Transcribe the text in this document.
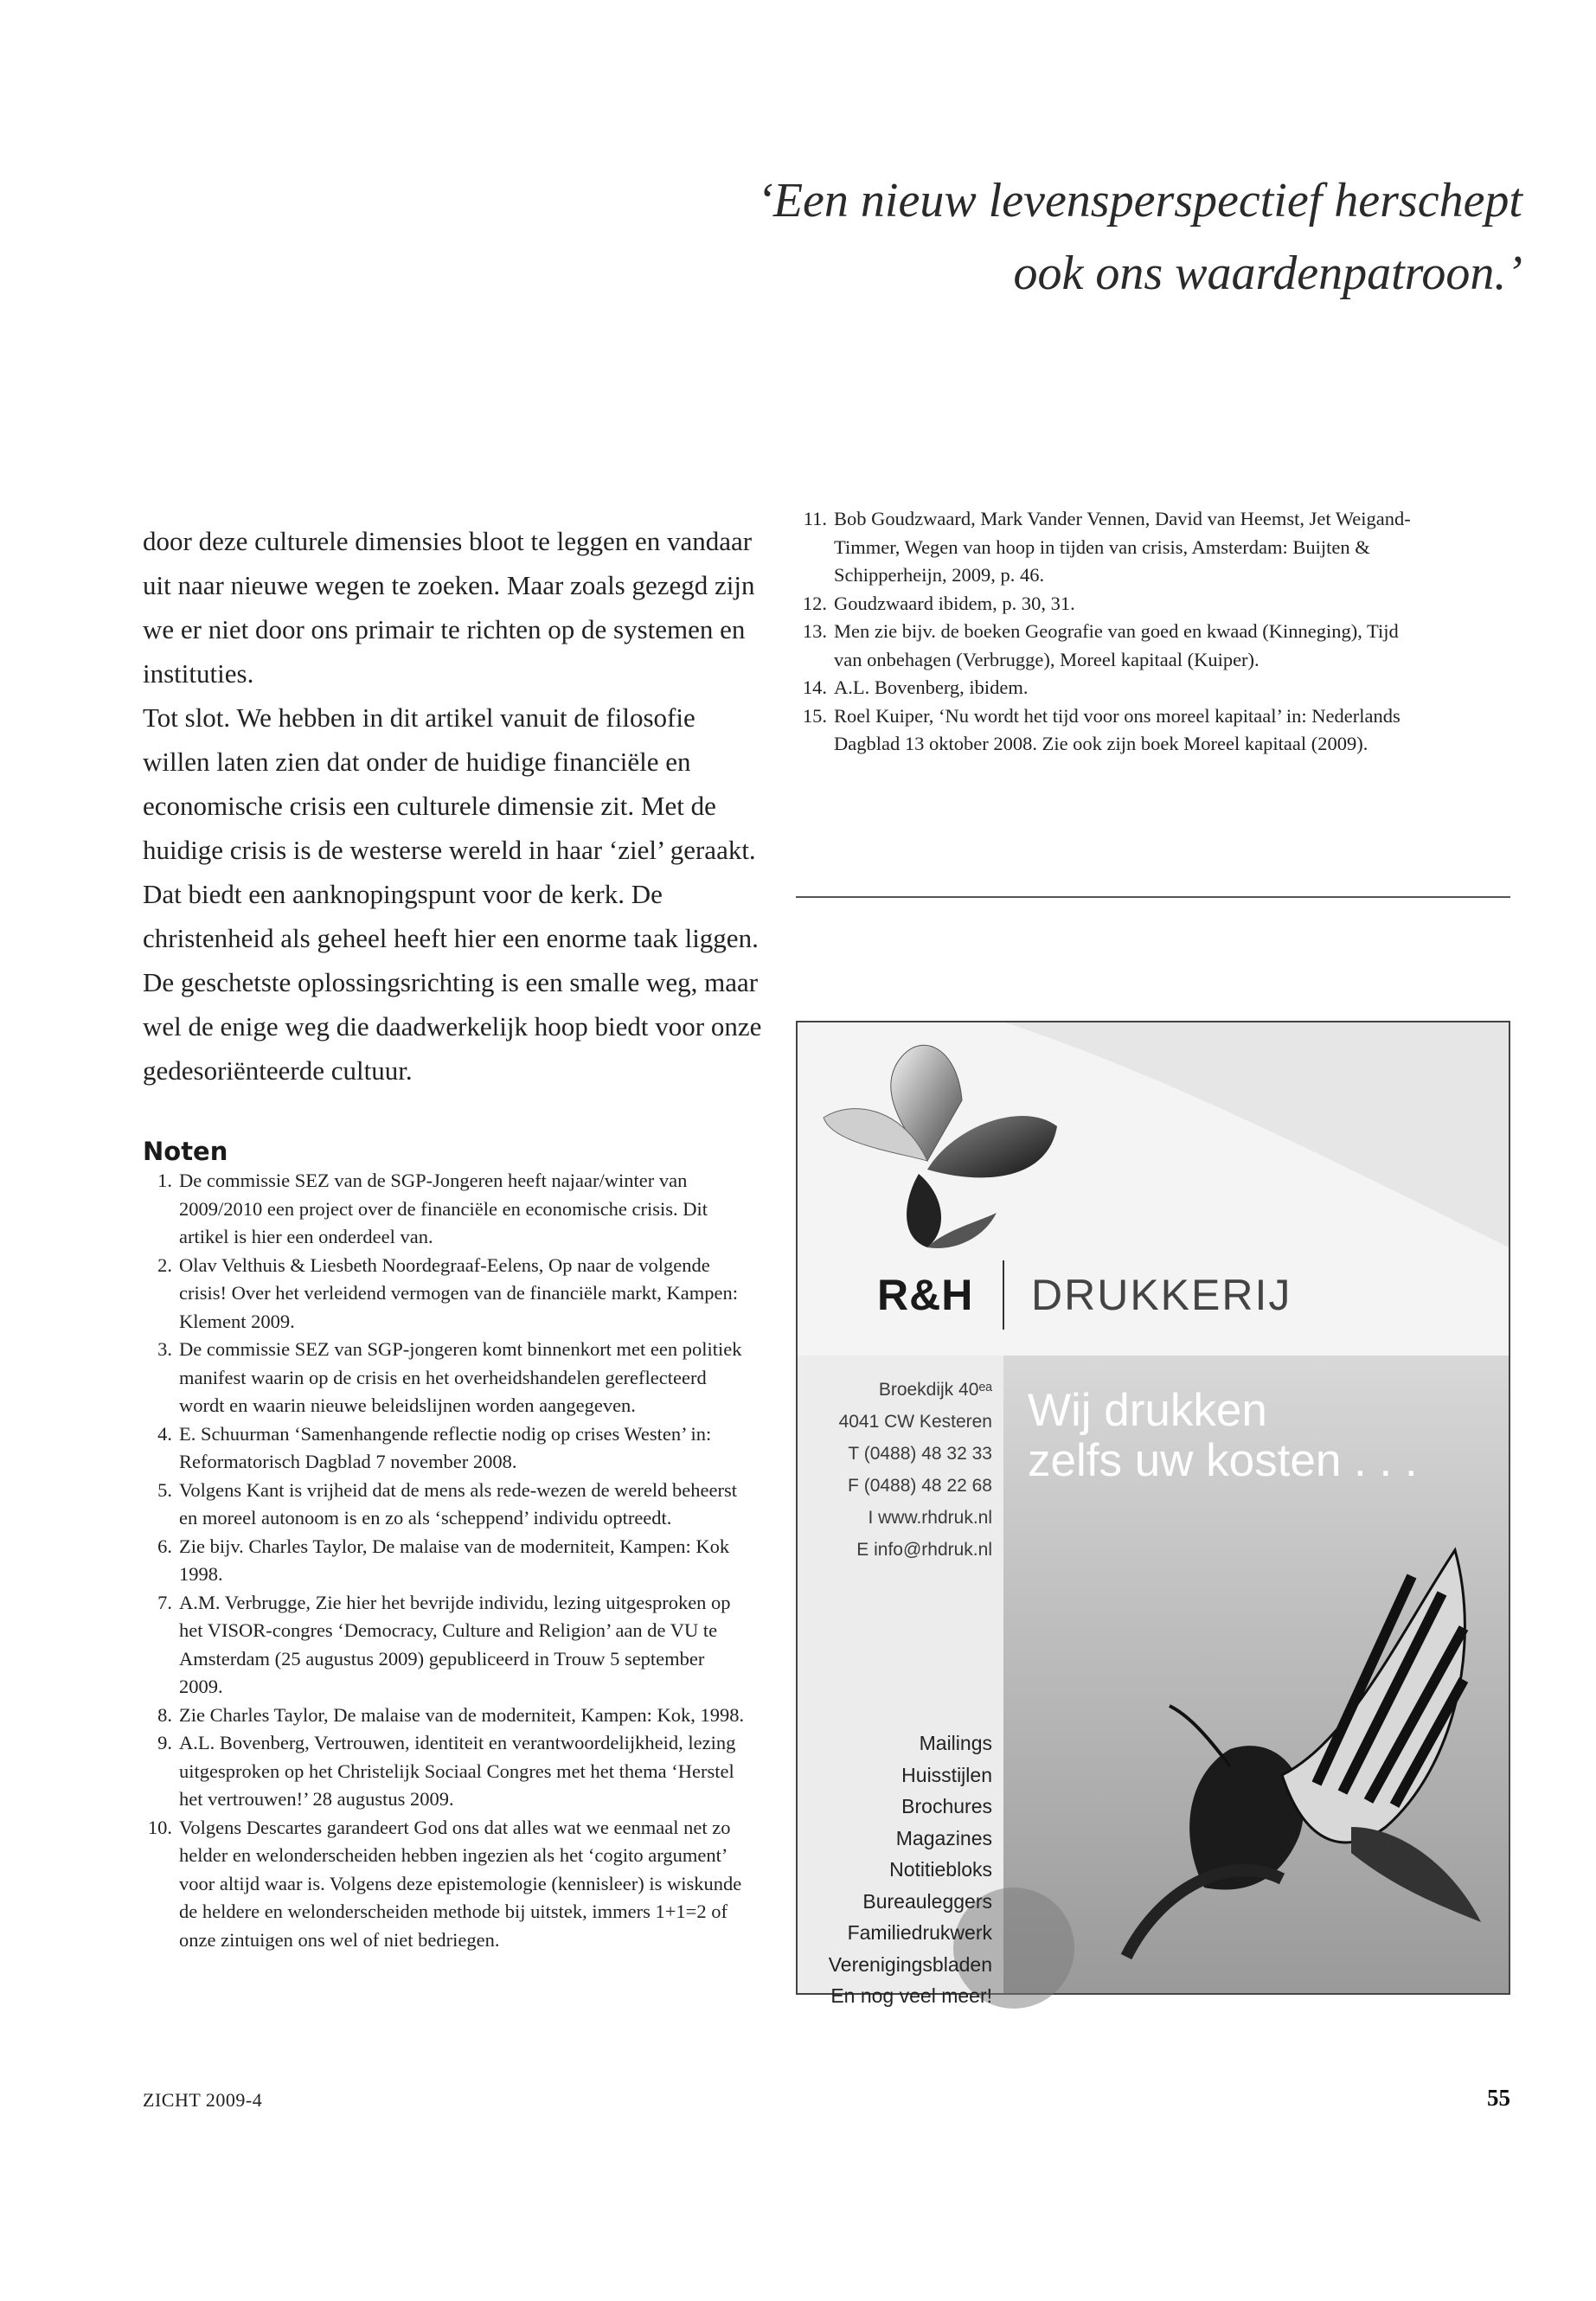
‘Een nieuw levensperspectief herschept
ook ons waardenpatroon.’

door deze culturele dimensies bloot te leggen en vandaar uit naar nieuwe wegen te zoeken. Maar zoals gezegd zijn we er niet door ons primair te richten op de systemen en instituties.

Tot slot. We hebben in dit artikel vanuit de filosofie willen laten zien dat onder de huidige financiële en economische crisis een culturele dimensie zit. Met de huidige crisis is de westerse wereld in haar ‘ziel’ geraakt. Dat biedt een aanknopingspunt voor de kerk. De christenheid als geheel heeft hier een enorme taak liggen. De geschetste oplossingsrichting is een smalle weg, maar wel de enige weg die daadwerkelijk hoop biedt voor onze gedesoriënteerde cultuur.

Noten
1. De commissie SEZ van de SGP-Jongeren heeft najaar/winter van 2009/2010 een project over de financiële en economische crisis. Dit artikel is hier een onderdeel van.
2. Olav Velthuis & Liesbeth Noordegraaf-Eelens, Op naar de volgende crisis! Over het verleidend vermogen van de financiële markt, Kampen: Klement 2009.
3. De commissie SEZ van SGP-jongeren komt binnenkort met een politiek manifest waarin op de crisis en het overheidshandelen gereflecteerd wordt en waarin nieuwe beleidslijnen worden aangegeven.
4. E. Schuurman ‘Samenhangende reflectie nodig op crises Westen’ in: Reformatorisch Dagblad 7 november 2008.
5. Volgens Kant is vrijheid dat de mens als rede-wezen de wereld beheerst en moreel autonoom is en zo als ‘scheppend’ individu optreedt.
6. Zie bijv. Charles Taylor, De malaise van de moderniteit, Kampen: Kok 1998.
7. A.M. Verbrugge, Zie hier het bevrijde individu, lezing uitgesproken op het VISOR-congres ‘Democracy, Culture and Religion’ aan de VU te Amsterdam (25 augustus 2009) gepubliceerd in Trouw 5 september 2009.
8. Zie Charles Taylor, De malaise van de moderniteit, Kampen: Kok, 1998.
9. A.L. Bovenberg, Vertrouwen, identiteit en verantwoordelijkheid, lezing uitgesproken op het Christelijk Sociaal Congres met het thema ‘Herstel het vertrouwen!’ 28 augustus 2009.
10. Volgens Descartes garandeert God ons dat alles wat we eenmaal net zo helder en welonderscheiden hebben ingezien als het ‘cogito argument’ voor altijd waar is. Volgens deze epistemologie (kennisleer) is wiskunde de heldere en welonderscheiden methode bij uitstek, immers 1+1=2 of onze zintuigen ons wel of niet bedriegen.
11. Bob Goudzwaard, Mark Vander Vennen, David van Heemst, Jet Weigand-Timmer, Wegen van hoop in tijden van crisis, Amsterdam: Buijten & Schipperheijn, 2009, p. 46.
12. Goudzwaard ibidem, p. 30, 31.
13. Men zie bijv. de boeken Geografie van goed en kwaad (Kinneging), Tijd van onbehagen (Verbrugge), Moreel kapitaal (Kuiper).
14. A.L. Bovenberg, ibidem.
15. Roel Kuiper, ‘Nu wordt het tijd voor ons moreel kapitaal’ in: Nederlands Dagblad 13 oktober 2008. Zie ook zijn boek Moreel kapitaal (2009).
R&H DRUKKERIJ
Broekdijk 40ᵉᵃ
4041 CW Kesteren
T (0488) 48 32 33
F (0488) 48 22 68
I www.rhdruk.nl
E info@rhdruk.nl
Wij drukken
zelfs uw kosten . . .
Mailings
Huisstijlen
Brochures
Magazines
Notitiebloks
Bureauleggers
Familiedrukwerk
Verenigingsbladen
En nog veel meer!
ZICHT 2009-4	55
